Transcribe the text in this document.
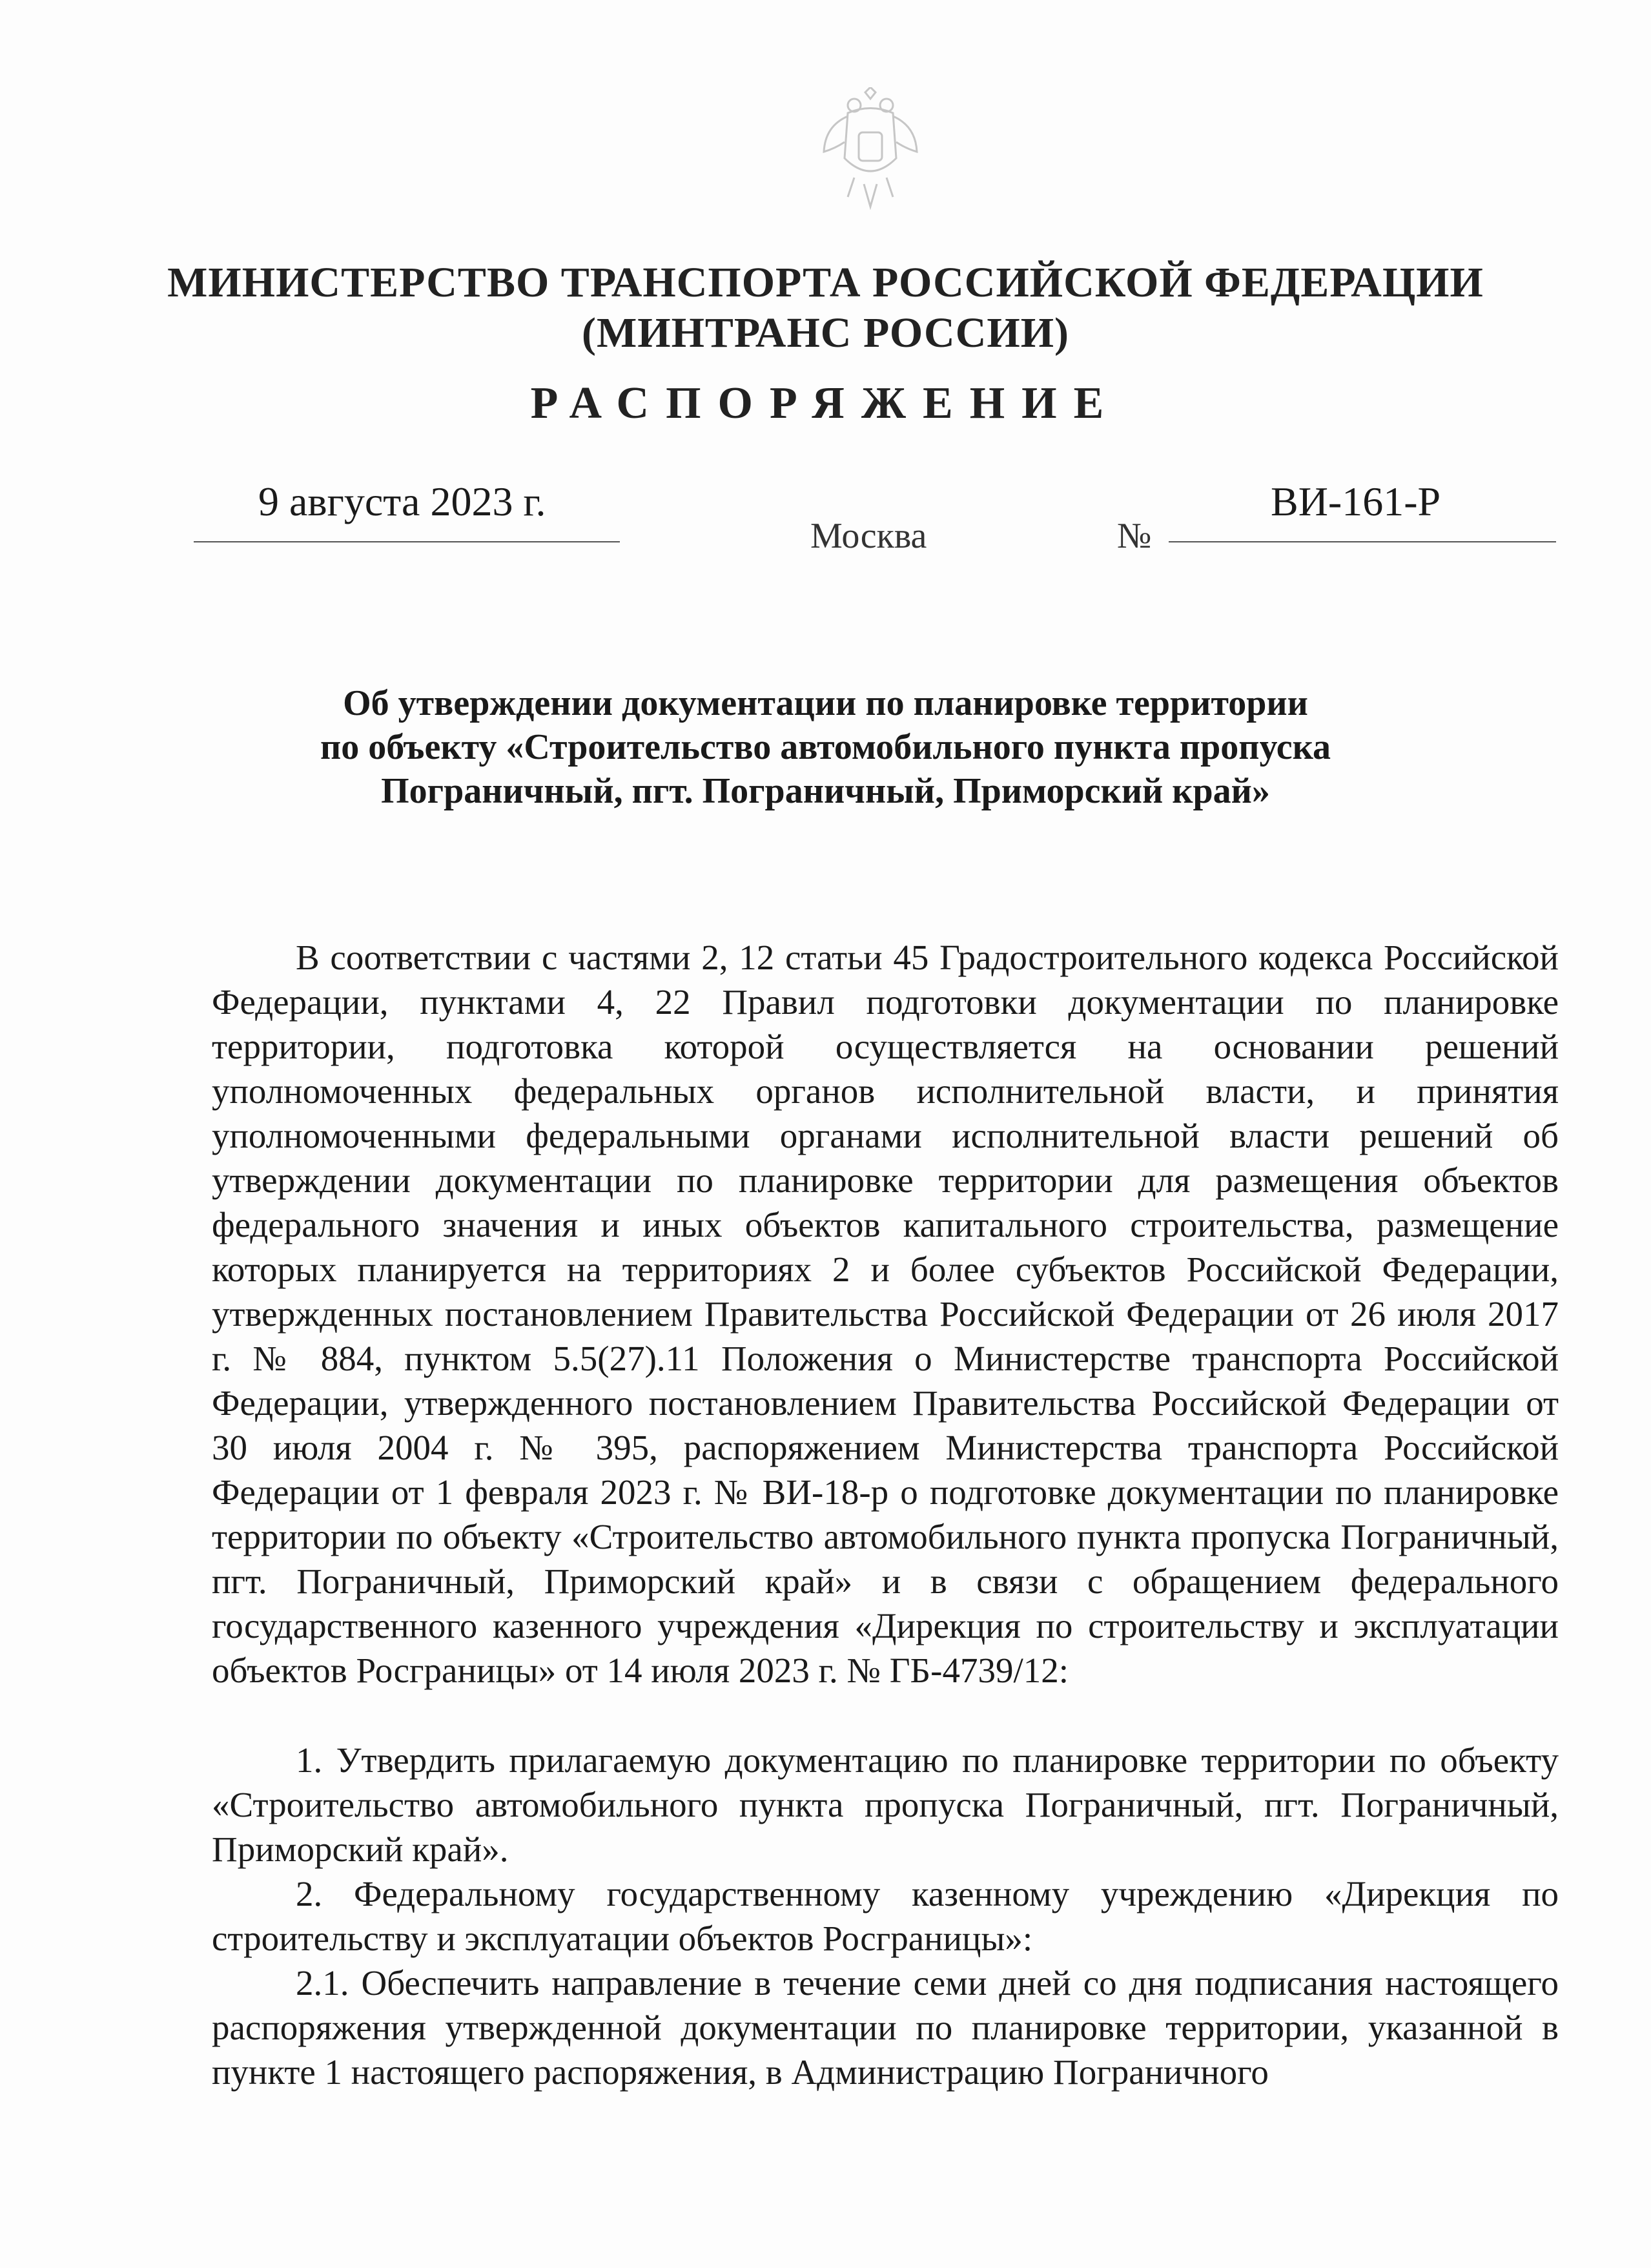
МИНИСТЕРСТВО ТРАНСПОРТА РОССИЙСКОЙ ФЕДЕРАЦИИ
(МИНТРАНС РОССИИ)
РАСПОРЯЖЕНИЕ
9 августа 2023 г.
Москва	№
ВИ-161-Р
Об утверждении документации по планировке территории
по объекту «Строительство автомобильного пункта пропуска
Пограничный, пгт. Пограничный, Приморский край»

В соответствии с частями 2, 12 статьи 45 Градостроительного кодекса Российской Федерации, пунктами 4, 22 Правил подготовки документации по планировке территории, подготовка которой осуществляется на основании решений уполномоченных федеральных органов исполнительной власти, и принятия уполномоченными федеральными органами исполнительной власти решений об утверждении документации по планировке территории для размещения объектов федерального значения и иных объектов капитального строительства, размещение которых планируется на территориях 2 и более субъектов Российской Федерации, утвержденных постановлением Правительства Российской Федерации от 26 июля 2017 г. № 884, пунктом 5.5(27).11 Положения о Министерстве транспорта Российской Федерации, утвержденного постановлением Правительства Российской Федерации от 30 июля 2004 г. № 395, распоряжением Министерства транспорта Российской Федерации от 1 февраля 2023 г. № ВИ-18-р о подготовке документации по планировке территории по объекту «Строительство автомобильного пункта пропуска Пограничный, пгт. Пограничный, Приморский край» и в связи с обращением федерального государственного казенного учреждения «Дирекция по строительству и эксплуатации объектов Росграницы» от 14 июля 2023 г. № ГБ-4739/12:

1. Утвердить прилагаемую документацию по планировке территории по объекту «Строительство автомобильного пункта пропуска Пограничный, пгт. Пограничный, Приморский край».

2. Федеральному государственному казенному учреждению «Дирекция по строительству и эксплуатации объектов Росграницы»:

2.1. Обеспечить направление в течение семи дней со дня подписания настоящего распоряжения утвержденной документации по планировке территории, указанной в пункте 1 настоящего распоряжения, в Администрацию Пограничного
